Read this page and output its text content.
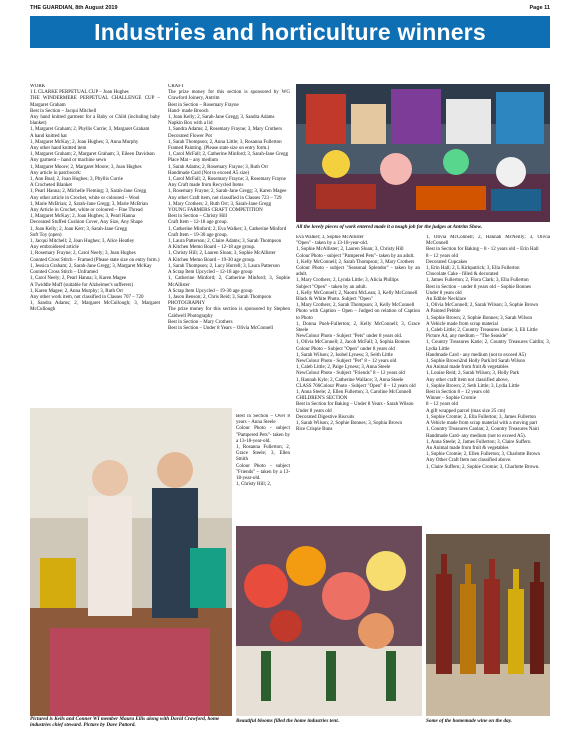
THE GUARDIAN, 8th August 2019	Page 11
Industries and horticulture winners

WORK

1 L CLARKE PERPETUAL CUP – Joan Hughes

THE WINDERMERE PERPETUAL CHALLENGE CUP – Margaret Graham

Best in Section – Jacqui Mitchell

Any hand knitted garment for a Baby or Child (including baby blanket)

1, Margaret Graham; 2, Phyllis Currie; 3, Margaret Graham

A hand knitted hat

1, Margaret McKay; 2, Joan Hughes; 3, Anna Murphy

Any other hand knitted item

1, Margaret Graham; 2, Margaret Graham; 3, Eileen Davidson

Any garment – hand or machine sewn

1, Margaret Moore; 2, Margaret Moore; 3, Joan Hughes

Any article in patchwork:

1, Ann Boal; 2, Joan Hughes; 3, Phyllis Currie

A Crocheted Blanket

1, Pearl Hanna; 2, Michelle Fleming; 3, Sarah-Jane Gregg

Any other article in Crochet, white or coloured – Wool

1, Marie McBrian; 2, Sarah-Jane Gregg; 3, Marie McBrian

Any Article in Crochet, white or coloured – Fine Thread

1, Margaret McKay; 2, Joan Hughes; 3, Pearl Hanna

Decorated Stuffed Cushion Cover, Any Size, Any Shape

1, Joan Kelly; 2, Joan Kerr; 3, Sarah-Jane Gregg

Soft Toy (open)

1, Jacqui Mitchell; 2, Joan Hughes; 3, Alice Heatley

Any embroidered article

1, Rosemary Frayne; 2, Carol Neely; 3, Joan Hughes

Counted Cross Stitch – Framed (Please state size on entry form.)

1, Jessica Graham; 2, Sarah-Jane Gregg; 3, Margaret McKay

Counted Cross Stitch – Unframed

1, Carol Neely; 2, Pearl Hanna; 3, Karen Magee

A Twiddle Muff (suitable for Alzheimer's sufferers)

1, Karen Magee; 2, Anna Murphy; 3, Ruth Orr

Any other work item, not classified in Classes 707 – 720

1, Sandra Adams; 2, Margaret McCullough; 3, Margaret McCullough

CRAFT

The prize money for this section is sponsored by WG Crawford Joinery, Antrim

Best in Section – Rosemary Frayne

Hand- made Brooch

1, Joan Kelly; 2, Sarah-Jane Gregg; 3, Sandra Adams

Napkin Box with a lid

1, Sandra Adams; 2, Rosemary Frayne; 3, Mary Crothers

Decorated Flower Pot

1, Sarah Thompson; 2, Anna Little; 3, Rosanna Fullerton

Framed Painting. (Please state size on entry form.)

1, Carol McFall; 2, Catherine Minford; 3, Sarah-Jane Gregg

Place Mat – any medium

1, Sarah Adams; 2, Rosemary Frayne; 3, Ruth Orr

Handmade Card (Not to exceed A5 size)

1, Carol McFall; 2, Rosemary Frayne; 3, Rosemary Frayne

Any Craft made from Recycled Items

1, Rosemary Frayne; 2, Sarah-Jane Gregg; 3, Karen Magee

Any other Craft item, not classified in Classes 723 – 729

1, Mary Crothers; 2, Ruth Orr; 3, Sarah-Jane Gregg

YOUNG FARMERS CRAFT COMPETITION

Best in Section – Christy Hill

Craft Item – 12-18 age group.

1, Catherine Minford; 2, Eva Walker; 3, Catherine Minford

Craft Item – 19-30 age group.

1, Laura Patterson; 2, Claire Adams; 3, Sarah Thompson

A Kitchen Memo Board – 12-18 age group.

1, Christy Hill; 2, Lauren Sloan; 3, Sophie McAllister

A Kitchen Memo Board – 19-30 age group.

1, Sarah Thompson; 2, Lucy Hurrell; 3, Laura Patterson

A Scrap Item Upcycled – 12-18 age group

1, Catherine Minford; 2, Catherine Minford; 3, Sophie McAllister

A Scrap Item Upcycled – 19-30 age group

1, Jason Benson; 2, Chris Reid; 3, Sarah Thompson

PHOTOGRAPHY

The prize money for this section is sponsored by Stephen Caldwell Photography

Best in Section – Mary Crothers

Best in Section – Under 8 Years – Olivia McConnell

Best in Section – Over 8 years – Anna Steele

Colour Photo - subject "Pampered Pets"- taken by a 13-18-year-old.

1, Rosanna Fullerton; 2, Grace Steele; 3, Ellen Smith

Colour Photo - subject "Friends" – taken by a 13-18-year-old.

1, Christy Hill; 2,

Eva Walker; 3, Sophie McAllister

"Open" - taken by a 13-18-year-old.

1, Sophie McAllister; 2, Lauren Sloan; 3, Christy Hill

Colour Photo - subject "Pampered Pets"- taken by an adult.

1, Kelly McConnell; 2, Sarah Thompson; 3, Mary Crothers

Colour Photo - subject "Seasonal Splendor" - taken by an adult.

1, Mary Crothers; 2, Lynda Little; 3, Alicia Phillips

Subject "Open" - taken by an adult.

1, Kelly McConnell; 2, Naomi McLean; 3, Kelly McConnell

Black & White Photo. Subject "Open"

1, Mary Crothers; 2, Sarah Thompson; 3, Kelly McConnell

Photo with Caption – Open – Judged on relation of Caption to Photo

1, Donna Pueh-Fullerton; 2, Kelly McConnell; 3, Grace Steele

NewColour Photo - Subject "Pets" under 8 years old.

1, Olivia McConnell; 2, Jacob McFall; 3, Sophia Bonnes

Colour Photo – Subject "Open" under 8 years old

1, Sarah Wilson; 2, Isobel Lyness; 3, Seith Little

NewColour Photo - Subject "Pet" 8 – 12 years old

1, Caleb Little; 2, Paige Lyness; 3, Anna Steele

NewColour Photo - Subject "Friends" 8 – 12 years old

1, Hannah Kyle; 2, Catherine Wallace; 3, Anna Steele

CLASS 766Colour Photo - Subject "Open" 8 – 12 years old

1, Anna Steele; 2, Ellen Fullerton; 3, Caroline McConnell

CHILDREN'S SECTION

Best in Section for Baking – Under 8 Years - Sarah Wilson

Under 8 years old

Decorated Digestive Biscuits

1, Sarah Wilson; 2, Sophie Bonnes; 3, Sophia Brown

Rice Crispie Buns

1, Olivia McConnell; 2, Hannah McNeilly; 3, Olivia McConnell

Best in Section for Baking – 8 - 12 years old – Erin Hall

8 – 12 years old

Decorated Cupcakes

1, Erin Hall; 2, L Kirkpatrick; 3, Ella Fullerton

Chocolate Cake - filled & decorated

1, James Fullerton; 2, Flora Clark; 3, Ella Fullerton

Best in Section – under 8 years old – Sophie Bonnes

Under 8 years old

An Edible Necklace

1, Olivia McConnell; 2, Sarah Wilson; 3, Sophie Brown

A Painted Pebble

1, Sophie Brown; 2, Sophie Bonnes; 3, Sarah Wilson

A Vehicle made from scrap material

1, Caleb Little; 2, Country Treasures Jamie; 3, Eli Little

Picture A4, any medium – "The Seaside"

1, Country Treasures Katie; 2, Country Treasures Caitlin; 3, Lydia Little

Handmade Card - any medium (not to exceed A5)

1, Sophie Brown2nd Holly Park3rd Sarah Wilson

An Animal made from fruit & vegetables

1, Louise Reid; 2, Sarah Wilson; 3, Holly Park

Any other craft item not classified above,

1, Sophie Brown; 2, Seth Little; 3, Lydia Little

Best in Section 8 – 12 years old

Winner – Sophie Cromie

8 – 12 years old

A gift wrapped parcel (max size 25 cm)

1, Sophie Cromie; 2, Ella Fullerton; 3, James Fullerton

A Vehicle made from scrap material with a moving part

1, Country Treasures Caolan; 2, Country Treasures Nairi

Handmade Card- any medium (not to exceed A5).

1, Anna Steele; 2, James Fullerton; 3, Claire Suffern

An Animal made from fruit & vegetables

1, Sophie Cromie; 2, Ellen Fullerton; 3, Charlotte Brown

Any Other Craft Item not classified above.

1, Claire Suffern; 2, Sophie Cromie; 3, Charlotte Brown.

All the lovely pieces of work entered made it a tough job for the judges at Antrim Show.
Pictured is Kells and Conner WI member Maura Ellis along with David Crawford, home industries chief steward. Picture by Dave Pattord.
Beautiful blooms filled the home industries tent.	Some of the homemade wine on the day.
